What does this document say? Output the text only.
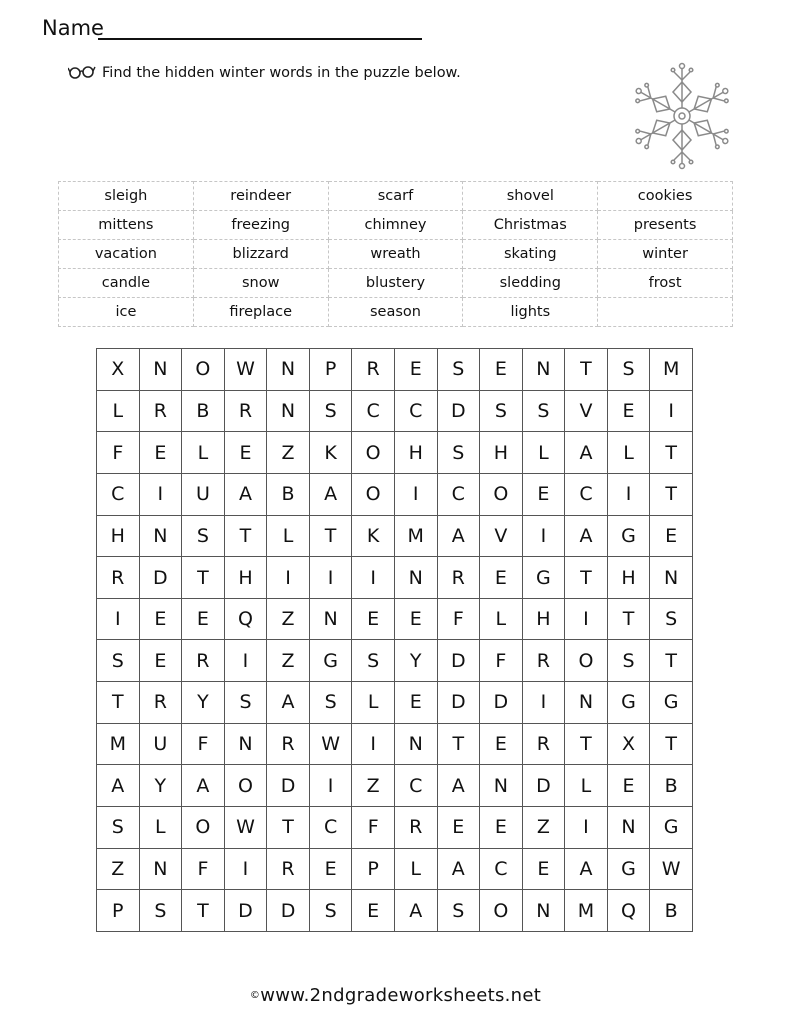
Name
Find the hidden winter words in the puzzle below.
sleigh	reindeer	scarf	shovel	cookies
mittens	freezing	chimney	Christmas	presents
vacation	blizzard	wreath	skating	winter
candle	snow	blustery	sledding	frost
ice	fireplace	season	lights	
X	N	O	W	N	P	R	E	S	E	N	T	S	M
L	R	B	R	N	S	C	C	D	S	S	V	E	I
F	E	L	E	Z	K	O	H	S	H	L	A	L	T
C	I	U	A	B	A	O	I	C	O	E	C	I	T
H	N	S	T	L	T	K	M	A	V	I	A	G	E
R	D	T	H	I	I	I	N	R	E	G	T	H	N
I	E	E	Q	Z	N	E	E	F	L	H	I	T	S
S	E	R	I	Z	G	S	Y	D	F	R	O	S	T
T	R	Y	S	A	S	L	E	D	D	I	N	G	G
M	U	F	N	R	W	I	N	T	E	R	T	X	T
A	Y	A	O	D	I	Z	C	A	N	D	L	E	B
S	L	O	W	T	C	F	R	E	E	Z	I	N	G
Z	N	F	I	R	E	P	L	A	C	E	A	G	W
P	S	T	D	D	S	E	A	S	O	N	M	Q	B
©www.2ndgradeworksheets.net
